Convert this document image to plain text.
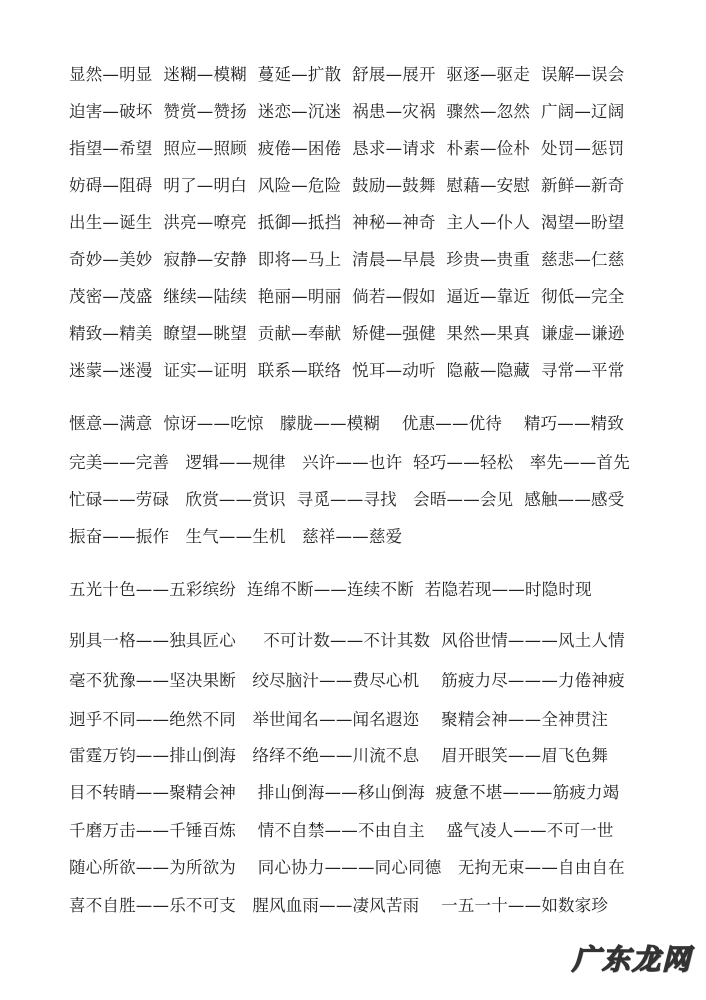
显然—明显  迷糊—模糊  蔓延—扩散  舒展—展开  驱逐—驱走  误解—误会
迫害—破坏  赞赏—赞扬  迷恋—沉迷  祸患—灾祸  骤然—忽然  广阔—辽阔
指望—希望  照应—照顾  疲倦—困倦  恳求—请求  朴素—俭朴  处罚—惩罚
妨碍—阻碍  明了—明白  风险—危险  鼓励—鼓舞  慰藉—安慰  新鲜—新奇
出生—诞生  洪亮—嘹亮  抵御—抵挡  神秘—神奇  主人—仆人  渴望—盼望
奇妙—美妙  寂静—安静  即将—马上  清晨—早晨  珍贵—贵重  慈悲—仁慈
茂密—茂盛  继续—陆续  艳丽—明丽  倘若—假如  逼近—靠近  彻低—完全
精致—精美  瞭望—眺望  贡献—奉献  矫健—强健  果然—果真  谦虚—谦逊
迷蒙—迷漫  证实—证明  联系—联络  悦耳—动听  隐蔽—隐藏  寻常—平常
惬意—满意  惊讶——吃惊   朦胧——模糊    优惠——优待    精巧——精致
完美——完善   逻辑——规律   兴许——也许  轻巧——轻松   率先——首先
忙碌——劳碌   欣赏——赏识  寻觅——寻找   会晤——会见  感触——感受
振奋——振作   生气——生机   慈祥——慈爱
五光十色——五彩缤纷  连绵不断——连续不断  若隐若现——时隐时现
别具一格——独具匠心     不可计数——不计其数  风俗世情———风土人情
毫不犹豫——坚决果断   绞尽脑汁——费尽心机    筋疲力尽———力倦神疲
迥乎不同——绝然不同   举世闻名——闻名遐迩    聚精会神——全神贯注
雷霆万钧——排山倒海   络绎不绝——川流不息    眉开眼笑——眉飞色舞
目不转睛——聚精会神    排山倒海——移山倒海  疲惫不堪———筋疲力竭
千磨万击——千锤百炼    情不自禁——不由自主    盛气凌人——不可一世
随心所欲——为所欲为    同心协力———同心同德   无拘无束——自由自在
喜不自胜——乐不可支   腥风血雨——凄风苦雨    一五一十——如数家珍
广东龙网
